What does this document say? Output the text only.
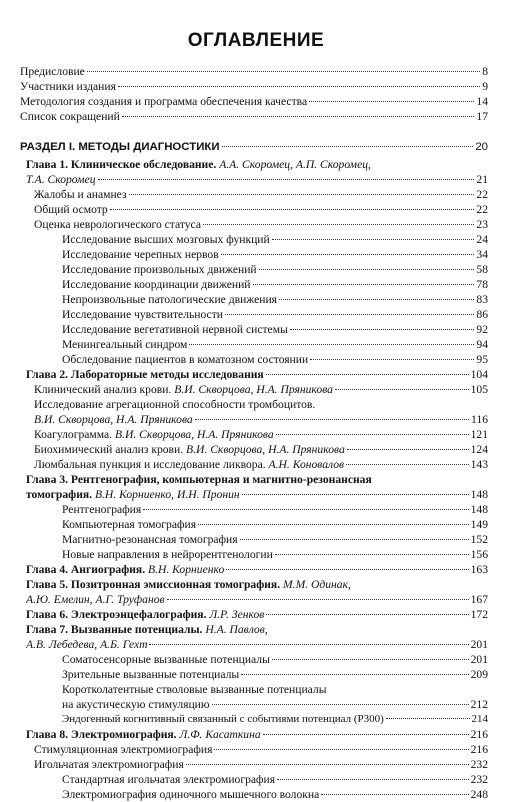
ОГЛАВЛЕНИЕ
Предисловие	8
Участники издания	9
Методология создания и программа обеспечения качества	14
Список сокращений	17
РАЗДЕЛ I. МЕТОДЫ ДИАГНОСТИКИ	20
Глава 1. Клиническое обследование. А.А. Скоромец, А.П. Скоромец,
Т.А. Скоромец	21
Жалобы и анамнез	22
Общий осмотр	22
Оценка неврологического статуса	23
Исследование высших мозговых функций	24
Исследование черепных нервов	34
Исследование произвольных движений	58
Исследование координации движений	78
Непроизвольные патологические движения	83
Исследование чувствительности	86
Исследование вегетативной нервной системы	92
Менингеальный синдром	94
Обследование пациентов в коматозном состоянии	95
Глава 2. Лабораторные методы исследования	104
Клинический анализ крови. В.И. Скворцова, Н.А. Пряникова	105
Исследование агрегационной способности тромбоцитов.
В.И. Скворцова, Н.А. Пряникова	116
Коагулограмма. В.И. Скворцова, Н.А. Пряникова	121
Биохимический анализ крови. В.И. Скворцова, Н.А. Пряникова	124
Люмбальная пункция и исследование ликвора. А.Н. Коновалов	143
Глава 3. Рентгенография, компьютерная и магнитно-резонансная
томография. В.Н. Корниенко, И.Н. Пронин	148
Рентгенография	148
Компьютерная томография	149
Магнитно-резонансная томография	152
Новые направления в нейрорентгенологии	156
Глава 4. Ангиография. В.Н. Корниенко	163
Глава 5. Позитронная эмиссионная томография. М.М. Одинак,
А.Ю. Емелин, А.Г. Труфанов	167
Глава 6. Электроэнцефалография. Л.Р. Зенков	172
Глава 7. Вызванные потенциалы. Н.А. Павлов,
А.В. Лебедева, А.Б. Гехт	201
Соматосенсорные вызванные потенциалы	201
Зрительные вызванные потенциалы	209
Коротколатентные стволовые вызванные потенциалы
на акустическую стимуляцию	212
Эндогенный когнитивный связанный с событиями потенциал (Р300)	214
Глава 8. Электромиография. Л.Ф. Касаткина	216
Стимуляционная электромиография	216
Игольчатая электромиография	232
Стандартная игольчатая электромиография	232
Электромиография одиночного мышечного волокна	248
